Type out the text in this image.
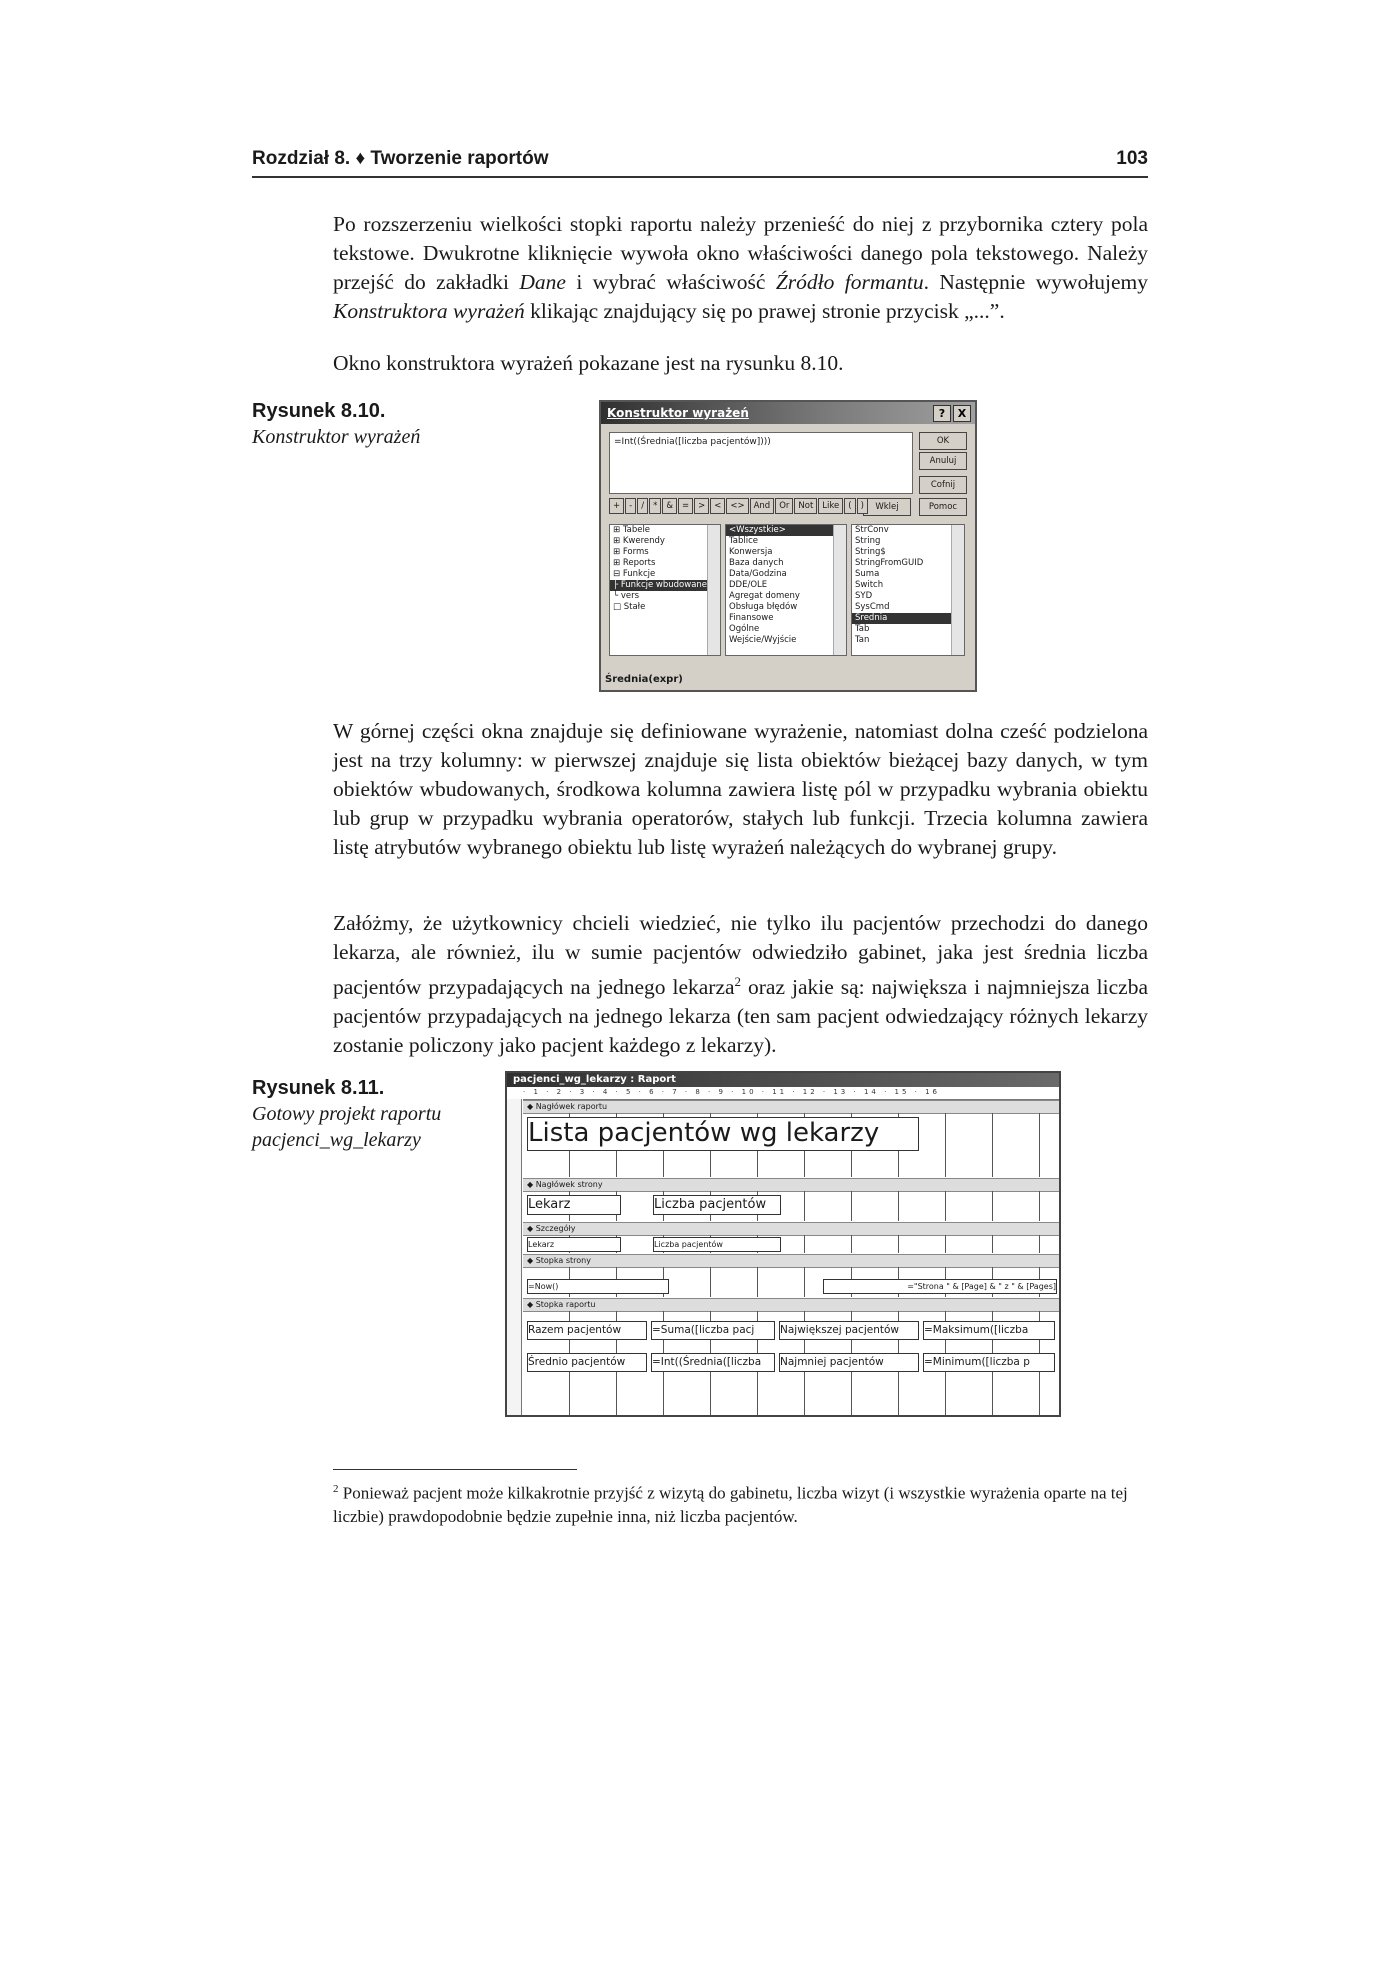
Rozdział 8. ♦ Tworzenie raportów	103

Po rozszerzeniu wielkości stopki raportu należy przenieść do niej z przybornika cztery pola tekstowe. Dwukrotne kliknięcie wywoła okno właściwości danego pola tekstowego. Należy przejść do zakładki Dane i wybrać właściwość Źródło formantu. Następnie wywołujemy Konstruktora wyrażeń klikając znajdujący się po prawej stronie przycisk „...”.

Okno konstruktora wyrażeń pokazane jest na rysunku 8.10.

Rysunek 8.10.
Konstruktor wyrażeń
Konstruktor wyrażeń	?	X
=Int((Średnia([liczba pacjentów])))	OK
Anuluj
Cofnij
Wklej	Pomoc
+ - / * & = > < <> And Or Not Like ( )
⊞ Tabele
⊞ Kwerendy
⊞ Forms
⊞ Reports
⊟ Funkcje
├ Funkcje wbudowane
└ vers
□ Stałe
<Wszystkie>
Tablice
Konwersja
Baza danych
Data/Godzina
DDE/OLE
Agregat domeny
Obsługa błędów
Finansowe
Ogólne
Wejście/Wyjście
StrConv
String
String$
StringFromGUID
Suma
Switch
SYD
SysCmd
Średnia
Tab
Tan
Średnia(expr)

W górnej części okna znajduje się definiowane wyrażenie, natomiast dolna cześć podzielona jest na trzy kolumny: w pierwszej znajduje się lista obiektów bieżącej bazy danych, w tym obiektów wbudowanych, środkowa kolumna zawiera listę pól w przypadku wybrania obiektu lub grup w przypadku wybrania operatorów, stałych lub funkcji. Trzecia kolumna zawiera listę atrybutów wybranego obiektu lub listę wyrażeń należących do wybranej grupy.

Załóżmy, że użytkownicy chcieli wiedzieć, nie tylko ilu pacjentów przechodzi do danego lekarza, ale również, ilu w sumie pacjentów odwiedziło gabinet, jaka jest średnia liczba pacjentów przypadających na jednego lekarza$^2$ oraz jakie są: największa i najmniejsza liczba pacjentów przypadających na jednego lekarza (ten sam pacjent odwiedzający różnych lekarzy zostanie policzony jako pacjent każdego z lekarzy).

Rysunek 8.11.
Gotowy projekt raportu pacjenci_wg_lekarzy
pacjenci_wg_lekarzy : Raport
· 1 · 2 · 3 · 4 · 5 · 6 · 7 · 8 · 9 · 10 · 11 · 12 · 13 · 14 · 15 · 16
◆ Nagłówek raportu
Lista pacjentów wg lekarzy
◆ Nagłówek strony
Lekarz	Liczba pacjentów
◆ Szczegóły
Lekarz	Liczba pacjentów
◆ Stopka strony
=Now()	="Strona " & [Page] & " z " & [Pages]
◆ Stopka raportu
Razem pacjentów	=Suma([liczba pacj	Największej pacjentów	=Maksimum([liczba
Średnio pacjentów	=Int((Średnia([liczba	Najmniej pacjentów	=Minimum([liczba p

$^2$ Ponieważ pacjent może kilkakrotnie przyjść z wizytą do gabinetu, liczba wizyt (i wszystkie wyrażenia oparte na tej liczbie) prawdopodobnie będzie zupełnie inna, niż liczba pacjentów.
